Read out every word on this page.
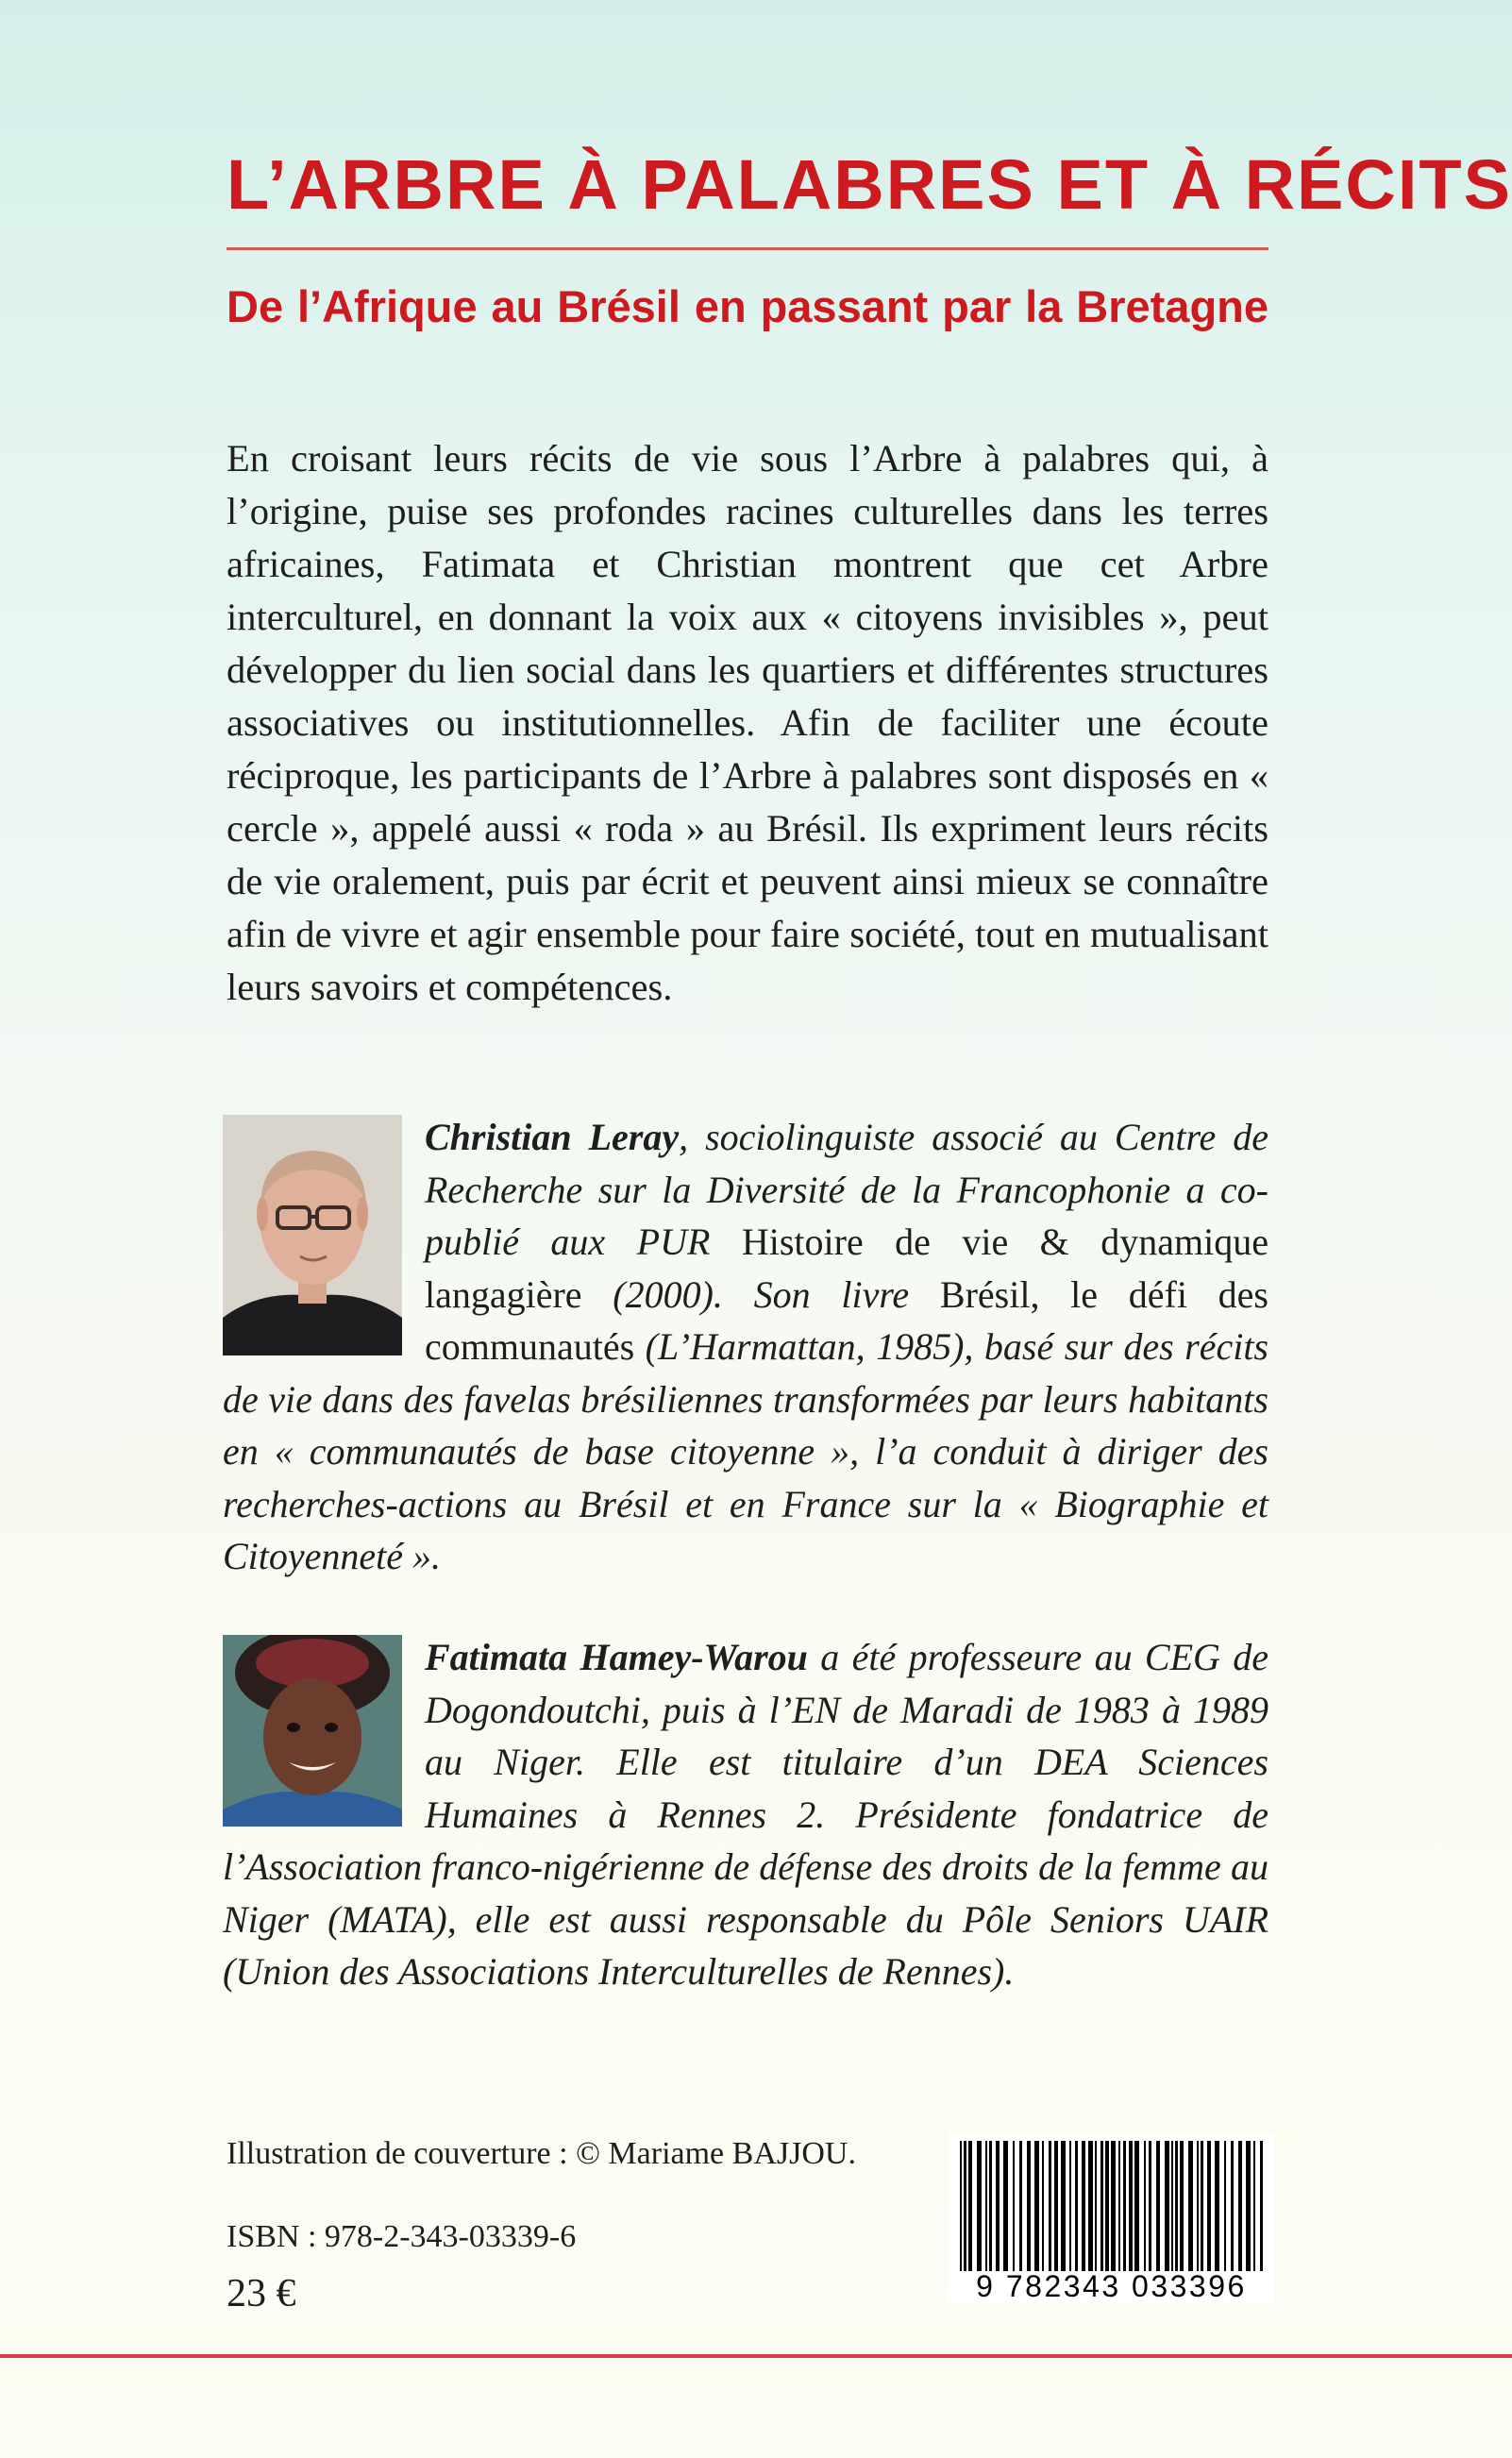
L’ARBRE À PALABRES ET À RÉCITS
De l’Afrique au Brésil en passant par la Bretagne

En croisant leurs récits de vie sous l’Arbre à palabres qui, à l’origine, puise ses profondes racines culturelles dans les terres africaines, Fatimata et Christian montrent que cet Arbre interculturel, en donnant la voix aux « citoyens invisibles », peut développer du lien social dans les quartiers et différentes structures associatives ou institutionnelles. Afin de faciliter une écoute réciproque, les participants de l’Arbre à palabres sont disposés en « cercle », appelé aussi « roda » au Brésil. Ils expriment leurs récits de vie oralement, puis par écrit et peuvent ainsi mieux se connaître afin de vivre et agir ensemble pour faire société, tout en mutualisant leurs savoirs et compétences.

Christian Leray, sociolinguiste associé au Centre de Recherche sur la Diversité de la Francophonie a co-publié aux PUR Histoire de vie & dynamique langagière (2000). Son livre Brésil, le défi des communautés (L’Harmattan, 1985), basé sur des récits de vie dans des favelas brésiliennes transformées par leurs habitants en « communautés de base citoyenne », l’a conduit à diriger des recherches-actions au Brésil et en France sur la « Biographie et Citoyenneté ».

Fatimata Hamey-Warou a été professeure au CEG de Dogondoutchi, puis à l’EN de Maradi de 1983 à 1989 au Niger. Elle est titulaire d’un DEA Sciences Humaines à Rennes 2. Présidente fondatrice de l’Association franco-nigérienne de défense des droits de la femme au Niger (MATA), elle est aussi responsable du Pôle Seniors UAIR (Union des Associations Interculturelles de Rennes).

Illustration de couverture : © Mariame BAJJOU.
ISBN : 978-2-343-03339-6
23 €	9 782343 033396
